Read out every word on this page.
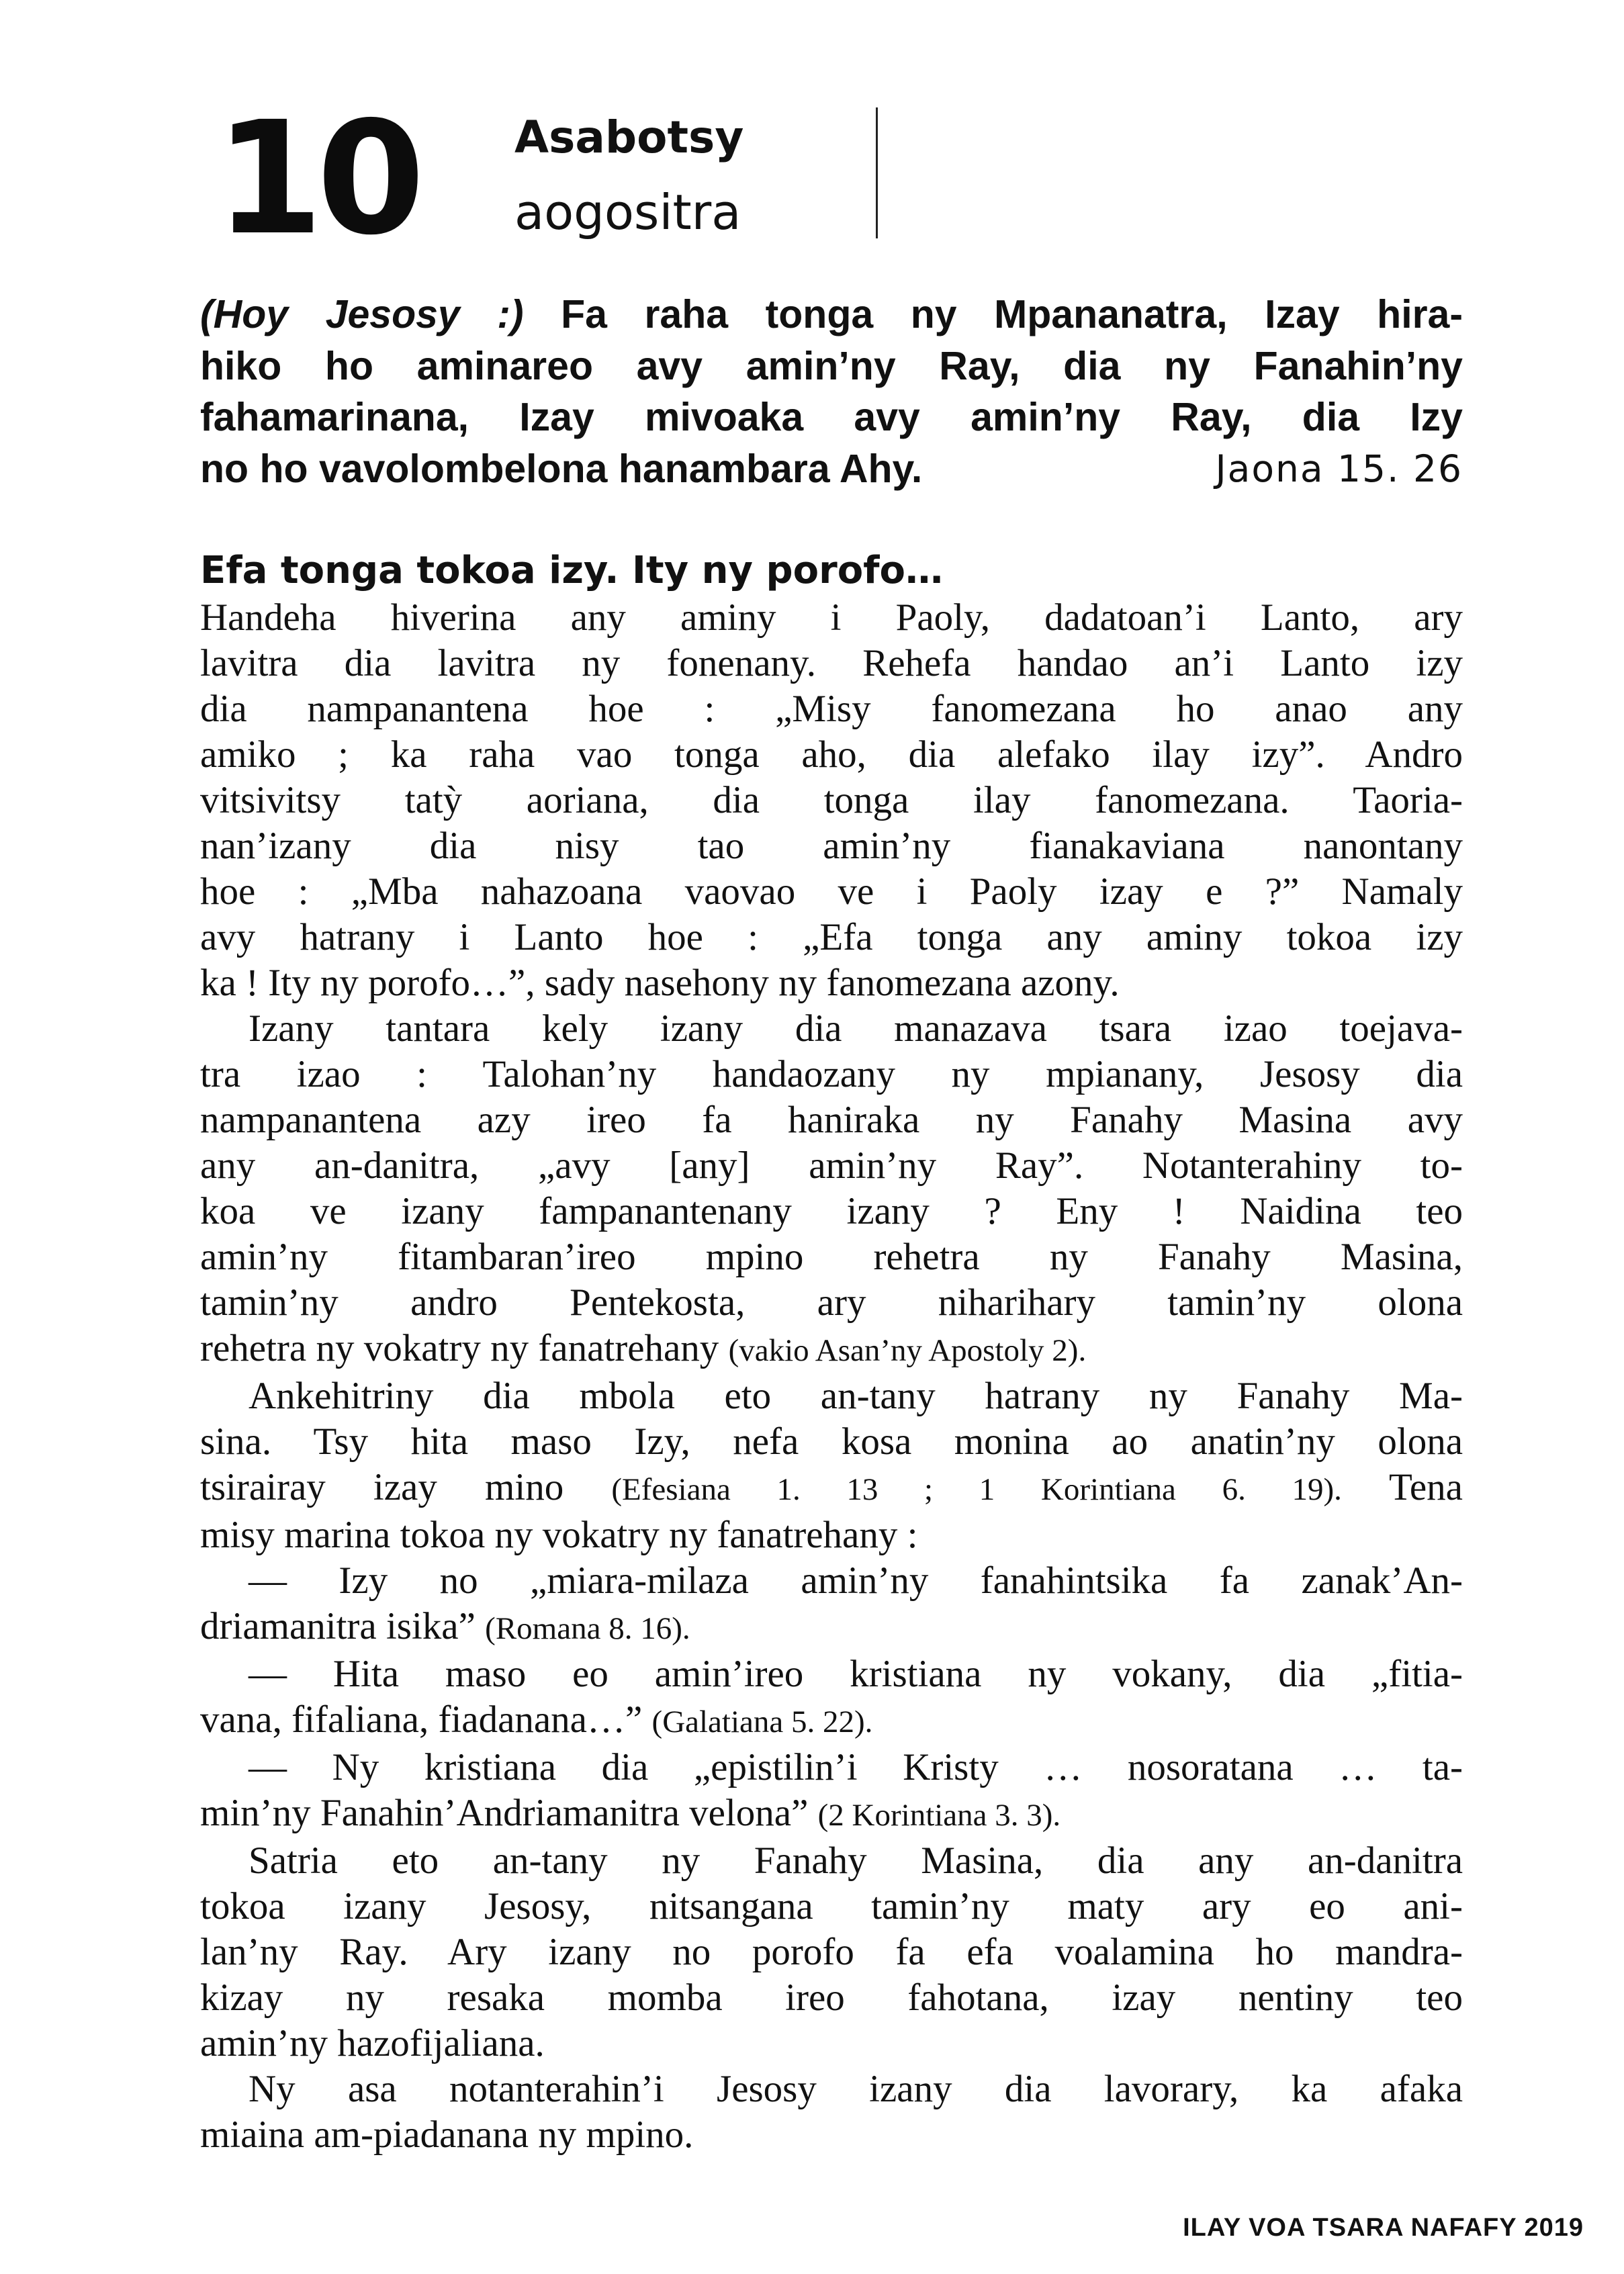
10 Asabotsy
aogositra
(Hoy Jesosy :) Fa raha tonga ny Mpananatra, Izay hira-
hiko ho aminareo avy amin’ny Ray, dia ny Fanahin’ny
fahamarinana, Izay mivoaka avy amin’ny Ray, dia Izy
no ho vavolombelona hanambara Ahy.	Jaona 15. 26
Efa tonga tokoa izy. Ity ny porofo…
Handeha hiverina any aminy i Paoly, dadatoan’i Lanto, ary
lavitra dia lavitra ny fonenany. Rehefa handao an’i Lanto izy
dia nampanantena hoe : „Misy fanomezana ho anao any
amiko ; ka raha vao tonga aho, dia alefako ilay izy”. Andro
vitsivitsy tatỳ aoriana, dia tonga ilay fanomezana. Taoria-
nan’izany dia nisy tao amin’ny fianakaviana nanontany
hoe : „Mba nahazoana vaovao ve i Paoly izay e ?” Namaly
avy hatrany i Lanto hoe : „Efa tonga any aminy tokoa izy
ka ! Ity ny porofo…”, sady nasehony ny fanomezana azony.
Izany tantara kely izany dia manazava tsara izao toejava-
tra izao : Talohan’ny handaozany ny mpianany, Jesosy dia
nampanantena azy ireo fa haniraka ny Fanahy Masina avy
any an-danitra, „avy [any] amin’ny Ray”. Notanterahiny to-
koa ve izany fampanantenany izany ? Eny ! Naidina teo
amin’ny fitambaran’ireo mpino rehetra ny Fanahy Masina,
tamin’ny andro Pentekosta, ary niharihary tamin’ny olona
rehetra ny vokatry ny fanatrehany (vakio Asan’ny Apostoly 2).
Ankehitriny dia mbola eto an-tany hatrany ny Fanahy Ma-
sina. Tsy hita maso Izy, nefa kosa monina ao anatin’ny olona
tsirairay izay mino (Efesiana 1. 13 ; 1 Korintiana 6. 19). Tena
misy marina tokoa ny vokatry ny fanatrehany :
— Izy no „miara-milaza amin’ny fanahintsika fa zanak’An-
driamanitra isika” (Romana 8. 16).
— Hita maso eo amin’ireo kristiana ny vokany, dia „fitia-
vana, fifaliana, fiadanana…” (Galatiana 5. 22).
— Ny kristiana dia „epistilin’i Kristy … nosoratana … ta-
min’ny Fanahin’Andriamanitra velona” (2 Korintiana 3. 3).
Satria eto an-tany ny Fanahy Masina, dia any an-danitra
tokoa izany Jesosy, nitsangana tamin’ny maty ary eo ani-
lan’ny Ray. Ary izany no porofo fa efa voalamina ho mandra-
kizay ny resaka momba ireo fahotana, izay nentiny teo
amin’ny hazofijaliana.
Ny asa notanterahin’i Jesosy izany dia lavorary, ka afaka
miaina am-piadanana ny mpino.
ILAY VOA TSARA NAFAFY 2019
